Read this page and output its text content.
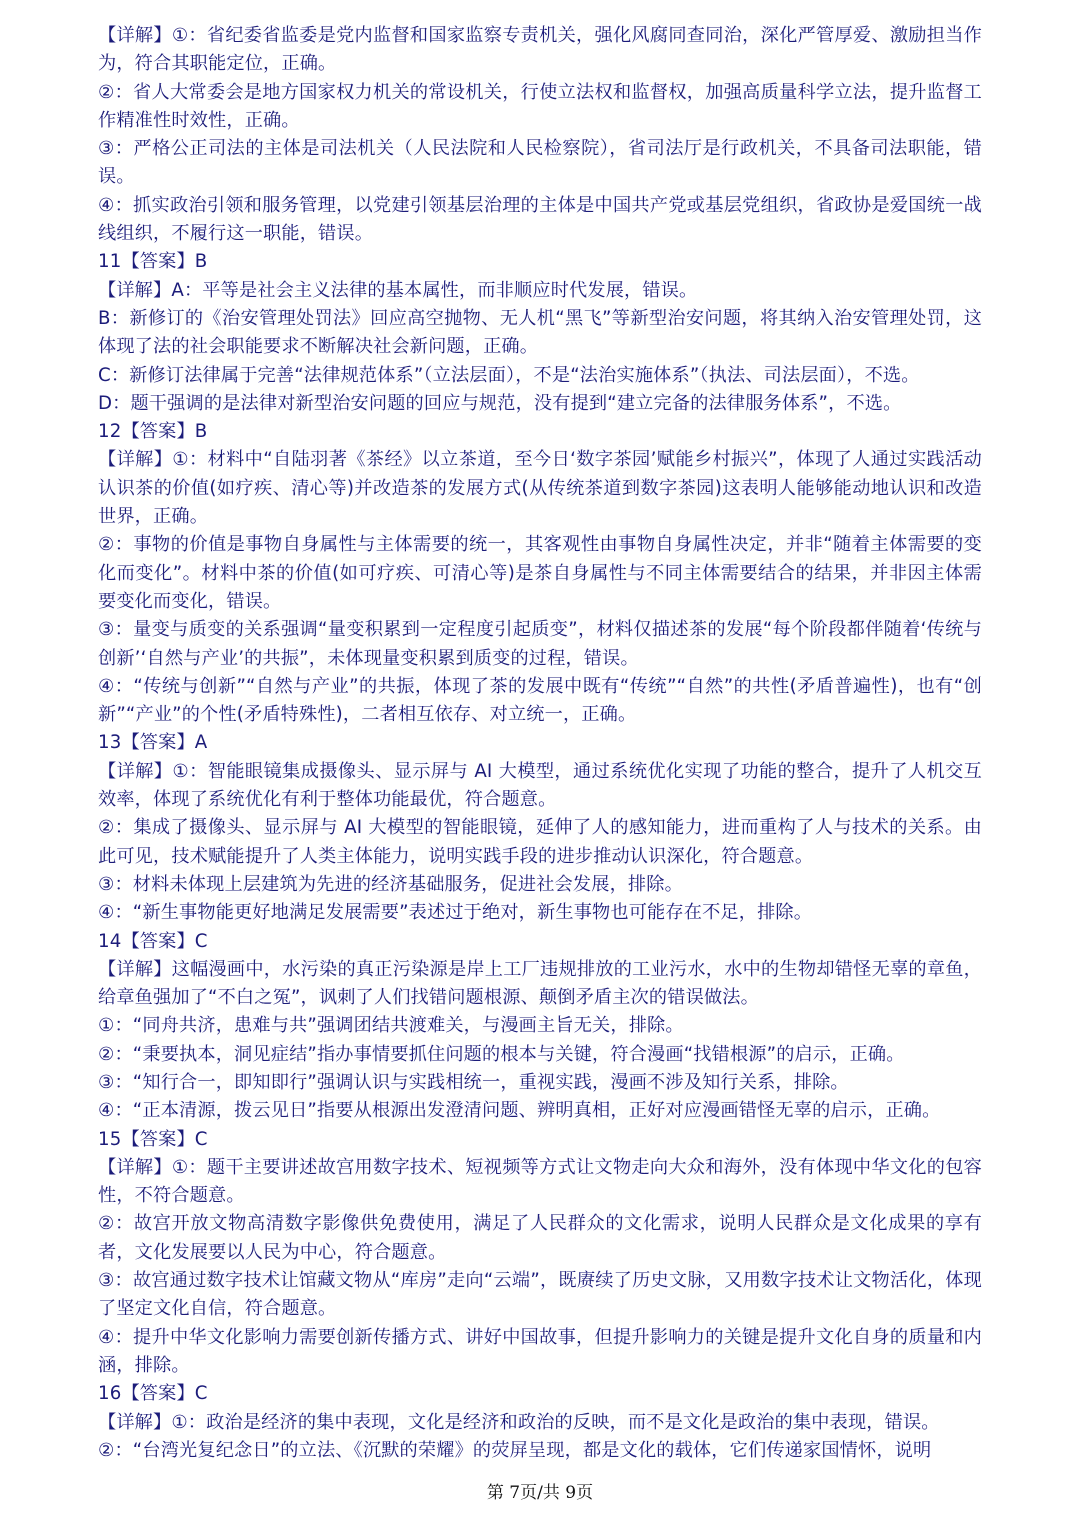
【详解】①：省纪委省监委是党内监督和国家监察专责机关，强化风腐同查同治，深化严管厚爱、激励担当作为，符合其职能定位，正确。

②：省人大常委会是地方国家权力机关的常设机关，行使立法权和监督权，加强高质量科学立法，提升监督工作精准性时效性，正确。

③：严格公正司法的主体是司法机关（人民法院和人民检察院），省司法厅是行政机关，不具备司法职能，错误。

④：抓实政治引领和服务管理，以党建引领基层治理的主体是中国共产党或基层党组织，省政协是爱国统一战线组织，不履行这一职能，错误。

11【答案】B

【详解】A：平等是社会主义法律的基本属性，而非顺应时代发展，错误。

B：新修订的《治安管理处罚法》回应高空抛物、无人机“黑飞”等新型治安问题，将其纳入治安管理处罚，这体现了法的社会职能要求不断解决社会新问题，正确。

C：新修订法律属于完善“法律规范体系”（立法层面），不是“法治实施体系”（执法、司法层面），不选。

D：题干强调的是法律对新型治安问题的回应与规范，没有提到“建立完备的法律服务体系”，不选。

12【答案】B

【详解】①：材料中“自陆羽著《茶经》以立茶道，至今日‘数字茶园’赋能乡村振兴”，体现了人通过实践活动认识茶的价值(如疗疾、清心等)并改造茶的发展方式(从传统茶道到数字茶园)这表明人能够能动地认识和改造世界，正确。

②：事物的价值是事物自身属性与主体需要的统一，其客观性由事物自身属性决定，并非“随着主体需要的变化而变化”。材料中茶的价值(如可疗疾、可清心等)是茶自身属性与不同主体需要结合的结果，并非因主体需要变化而变化，错误。

③：量变与质变的关系强调“量变积累到一定程度引起质变”，材料仅描述茶的发展“每个阶段都伴随着‘传统与创新’‘自然与产业’的共振”，未体现量变积累到质变的过程，错误。

④：“传统与创新”“自然与产业”的共振，体现了茶的发展中既有“传统”“自然”的共性(矛盾普遍性)，也有“创新”“产业”的个性(矛盾特殊性)，二者相互依存、对立统一，正确。

13【答案】A

【详解】①：智能眼镜集成摄像头、显示屏与 AI 大模型，通过系统优化实现了功能的整合，提升了人机交互效率，体现了系统优化有利于整体功能最优，符合题意。

②：集成了摄像头、显示屏与 AI 大模型的智能眼镜，延伸了人的感知能力，进而重构了人与技术的关系。由此可见，技术赋能提升了人类主体能力，说明实践手段的进步推动认识深化，符合题意。

③：材料未体现上层建筑为先进的经济基础服务，促进社会发展，排除。

④：“新生事物能更好地满足发展需要”表述过于绝对，新生事物也可能存在不足，排除。

14【答案】C

【详解】这幅漫画中，水污染的真正污染源是岸上工厂违规排放的工业污水，水中的生物却错怪无辜的章鱼，给章鱼强加了“不白之冤”，讽刺了人们找错问题根源、颠倒矛盾主次的错误做法。

①：“同舟共济，患难与共”强调团结共渡难关，与漫画主旨无关，排除。

②：“秉要执本，洞见症结”指办事情要抓住问题的根本与关键，符合漫画“找错根源”的启示，正确。

③：“知行合一，即知即行”强调认识与实践相统一，重视实践，漫画不涉及知行关系，排除。

④：“正本清源，拨云见日”指要从根源出发澄清问题、辨明真相，正好对应漫画错怪无辜的启示，正确。

15【答案】C

【详解】①：题干主要讲述故宫用数字技术、短视频等方式让文物走向大众和海外，没有体现中华文化的包容性，不符合题意。

②：故宫开放文物高清数字影像供免费使用，满足了人民群众的文化需求，说明人民群众是文化成果的享有者，文化发展要以人民为中心，符合题意。

③：故宫通过数字技术让馆藏文物从“库房”走向“云端”，既赓续了历史文脉，又用数字技术让文物活化，体现了坚定文化自信，符合题意。

④：提升中华文化影响力需要创新传播方式、讲好中国故事，但提升影响力的关键是提升文化自身的质量和内涵，排除。

16【答案】C

【详解】①：政治是经济的集中表现，文化是经济和政治的反映，而不是文化是政治的集中表现，错误。

②：“台湾光复纪念日”的立法、《沉默的荣耀》的荧屏呈现，都是文化的载体，它们传递家国情怀，说明

第 7页/共 9页
